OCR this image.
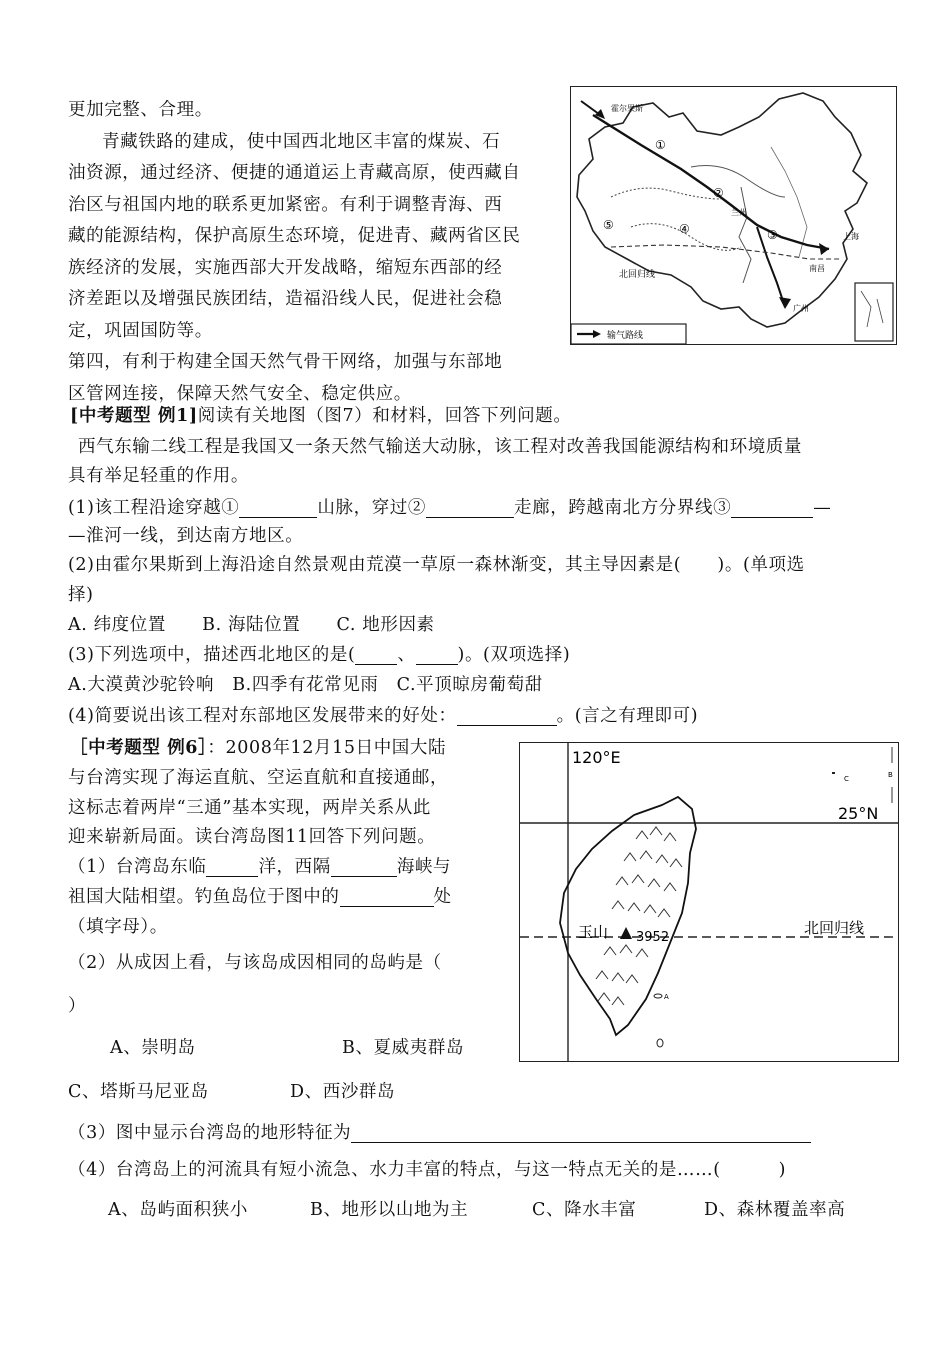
更加完整、合理。
青藏铁路的建成，使中国西北地区丰富的煤炭、石
油资源，通过经济、便捷的通道运上青藏高原，使西藏自
治区与祖国内地的联系更加紧密。有利于调整青海、西
藏的能源结构，保护高原生态环境，促进青、藏两省区民
族经济的发展，实施西部大开发战略，缩短东西部的经
济差距以及增强民族团结，造福沿线人民，促进社会稳
定，巩固国防等。
第四，有利于构建全国天然气骨干网络，加强与东部地
区管网连接，保障天然气安全、稳定供应。
霍尔果斯
①
②
③
④
⑤
兰州
上海
南昌
广州
北回归线
输气路线
[中考题型 例1]阅读有关地图（图7）和材料，回答下列问题。
西气东输二线工程是我国又一条天然气输送大动脉，该工程对改善我国能源结构和环境质量
具有举足轻重的作用。
(1)该工程沿途穿越①	山脉，穿过②	走廊，跨越南北方分界线③	—
—淮河一线，到达南方地区。
(2)由霍尔果斯到上海沿途自然景观由荒漠一草原一森林渐变，其主导因素是(　　)。(单项选
择)
A. 纬度位置　　B. 海陆位置　　C. 地形因素
(3)下列选项中，描述西北地区的是( 、 )。(双项选择)
A.大漠黄沙驼铃响　B.四季有花常见雨　C.平顶晾房葡萄甜
(4)简要说出该工程对东部地区发展带来的好处：	。(言之有理即可)
［中考题型 例6］：2008年12月15日中国大陆
与台湾实现了海运直航、空运直航和直接通邮，
这标志着两岸“三通”基本实现，两岸关系从此
迎来崭新局面。读台湾岛图11回答下列问题。
（1）台湾岛东临	洋，西隔	海峡与
祖国大陆相望。钓鱼岛位于图中的	处
（填字母）。
（2）从成因上看，与该岛成因相同的岛屿是（
）
A、崇明岛	B、夏威夷群岛
C、塔斯马尼亚岛	D、西沙群岛
（3）图中显示台湾岛的地形特征为
（4）台湾岛上的河流具有短小流急、水力丰富的特点，与这一特点无关的是……(	)
A、岛屿面积狭小	B、地形以山地为主	C、降水丰富	D、森林覆盖率高
120°E
25°N
北回归线
玉山 3952
A
C	B
